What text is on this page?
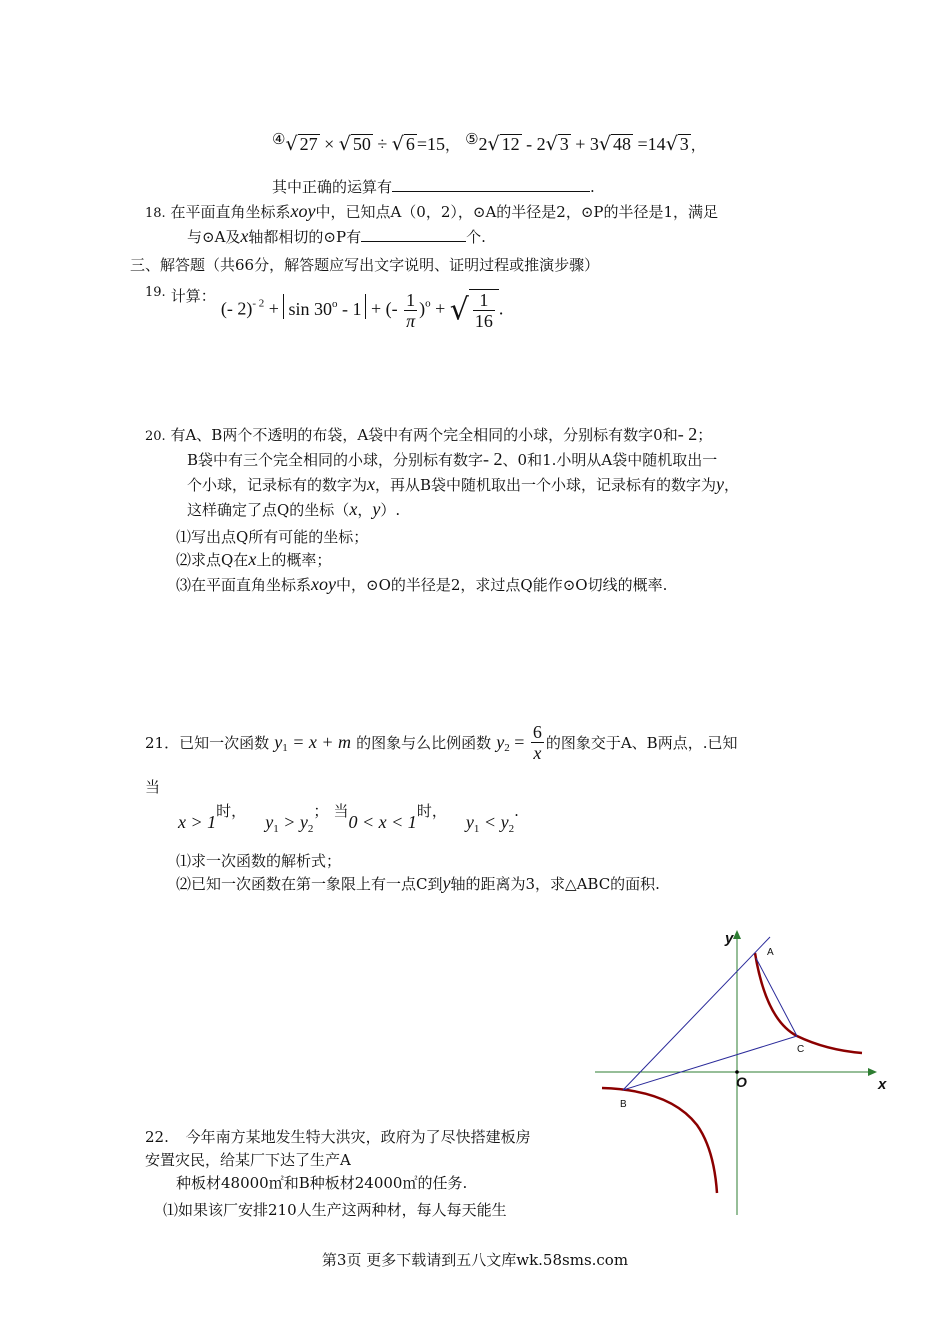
④√ 27 × √ 50 ÷ √ 6 =15， ⑤2√ 12 - 2√ 3 + 3√ 48 =14√ 3 ，
其中正确的运算有	.
18. 在平面直角坐标系xoy中，已知点A（0，2），⊙A的半径是2，⊙P的半径是1，满足
与⊙A及x轴都相切的⊙P有	个.
三、解答题（共66分，解答题应写出文字说明、证明过程或推演步骤）
$^{19.}$ 计算： (- 2)$^{- 2}$ + sin 30$^o$ - 1 + (- $\frac{1}{\pi} )^o$ + √ $\frac{1}{16}$ .
20. 有A、B两个不透明的布袋，A袋中有两个完全相同的小球，分别标有数字0和- 2；
B袋中有三个完全相同的小球，分别标有数字- 2、0和1.小明从A袋中随机取出一
个小球，记录标有的数字为x，再从B袋中随机取出一个小球，记录标有的数字为y，
这样确定了点Q的坐标（x，y）.
⑴写出点Q所有可能的坐标；
⑵求点Q在x上的概率；
⑶在平面直角坐标系xoy中，⊙O的半径是2，求过点Q能作⊙O切线的概率.
21．已知一次函数 $y_1 = x + m$ 的图象与么比例函数 $y_2 = \frac{6}{x}$ 的图象交于A、B两点，.已知
当
x > 1时， $y_1 > y_2$； 当0 < x < 1时， $y_1 < y_2$.
⑴求一次函数的解析式；
⑵已知一次函数在第一象限上有一点C到y轴的距离为3，求△ABC的面积.
y
x
O
A
B
C
22. 今年南方某地发生特大洪灾，政府为了尽快搭建板房
安置灾民，给某厂下达了生产A
种板材48000㎡和B种板材24000㎡的任务.
⑴如果该厂安排210人生产这两种材，每人每天能生
第3页 更多下载请到五八文库wk.58sms.com
